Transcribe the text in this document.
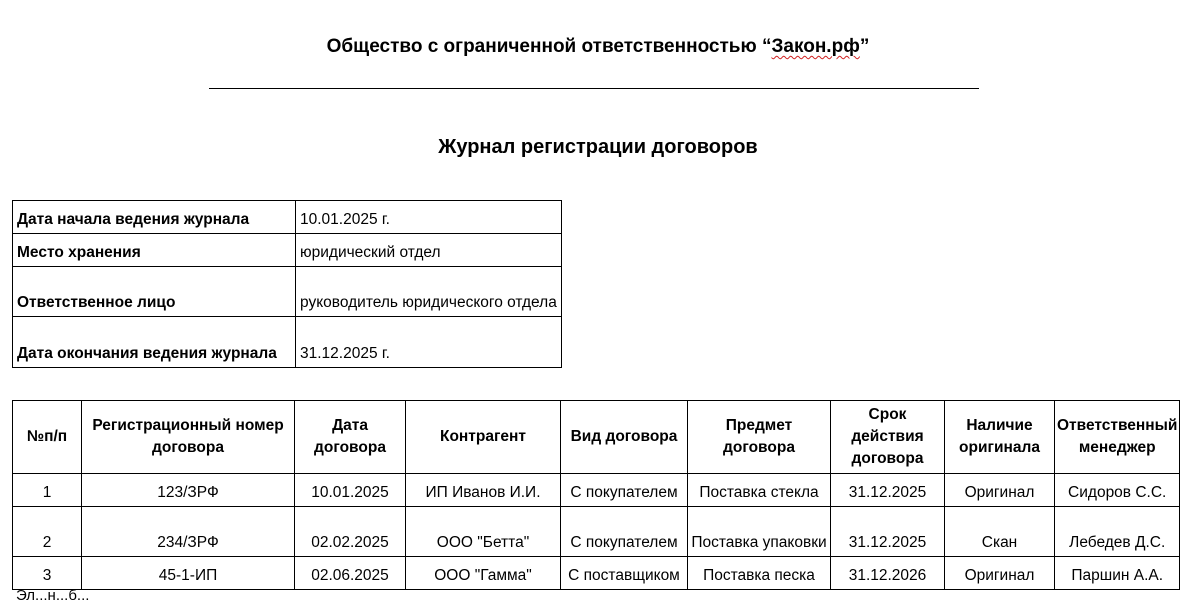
Общество с ограниченной ответственностью “Закон.рф”
Журнал регистрации договоров
Дата начала ведения журнала	10.01.2025 г.
Место хранения	юридический отдел
Ответственное лицо	руководитель юридического отдела
Дата окончания ведения журнала	31.12.2025 г.
№п/п	Регистрационный номер договора	Дата договора	Контрагент	Вид договора	Предмет договора	Срок действия договора	Наличие оригинала	Ответственный менеджер
1	123/ЗРФ	10.01.2025	ИП Иванов И.И.	С покупателем	Поставка стекла	31.12.2025	Оригинал	Сидоров С.С.
2	234/ЗРФ	02.02.2025	ООО "Бетта"	С покупателем	Поставка упаковки	31.12.2025	Скан	Лебедев Д.С.
3	45-1-ИП	02.06.2025	ООО "Гамма"	С поставщиком	Поставка песка	31.12.2026	Оригинал	Паршин А.А.
Эл...н...б...
